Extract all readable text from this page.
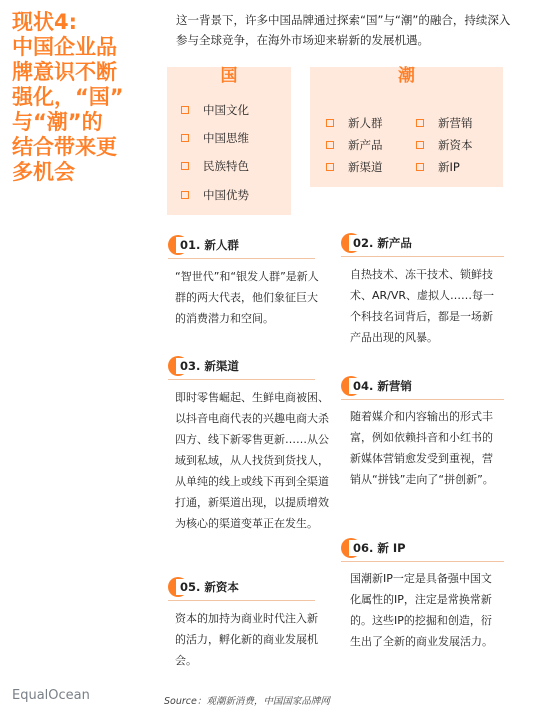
现状4:
中国企业品
牌意识不断
强化，“国”
与“潮”的
结合带来更
多机会
这一背景下，许多中国品牌通过探索“国”与“潮”的融合，持续深入参与全球竞争，在海外市场迎来崭新的发展机遇。
国
中国文化
中国思维
民族特色
中国优势
潮
新人群	新营销
新产品	新资本
新渠道	新IP
01. 新人群
“智世代”和“银发人群”是新人群的两大代表，他们象征巨大的消费潜力和空间。
02. 新产品
自热技术、冻干技术、锁鲜技术、AR/VR、虚拟人……每一个科技名词背后，都是一场新产品出现的风暴。
03. 新渠道
即时零售崛起、生鲜电商被困、以抖音电商代表的兴趣电商大杀四方、线下新零售更新……从公域到私域，从人找货到货找人，从单纯的线上或线下再到全渠道打通，新渠道出现，以提质增效为核心的渠道变革正在发生。
04. 新营销
随着媒介和内容输出的形式丰富，例如依赖抖音和小红书的新媒体营销愈发受到重视，营销从“拼钱”走向了“拼创新”。
05. 新资本
资本的加持为商业时代注入新的活力，孵化新的商业发展机会。
06. 新 IP
国潮新IP一定是具备强中国文化属性的IP，注定是常换常新的。这些IP的挖掘和创造，衍生出了全新的商业发展活力。
EqualOcean	Source：观潮新消费，中国国家品牌网
